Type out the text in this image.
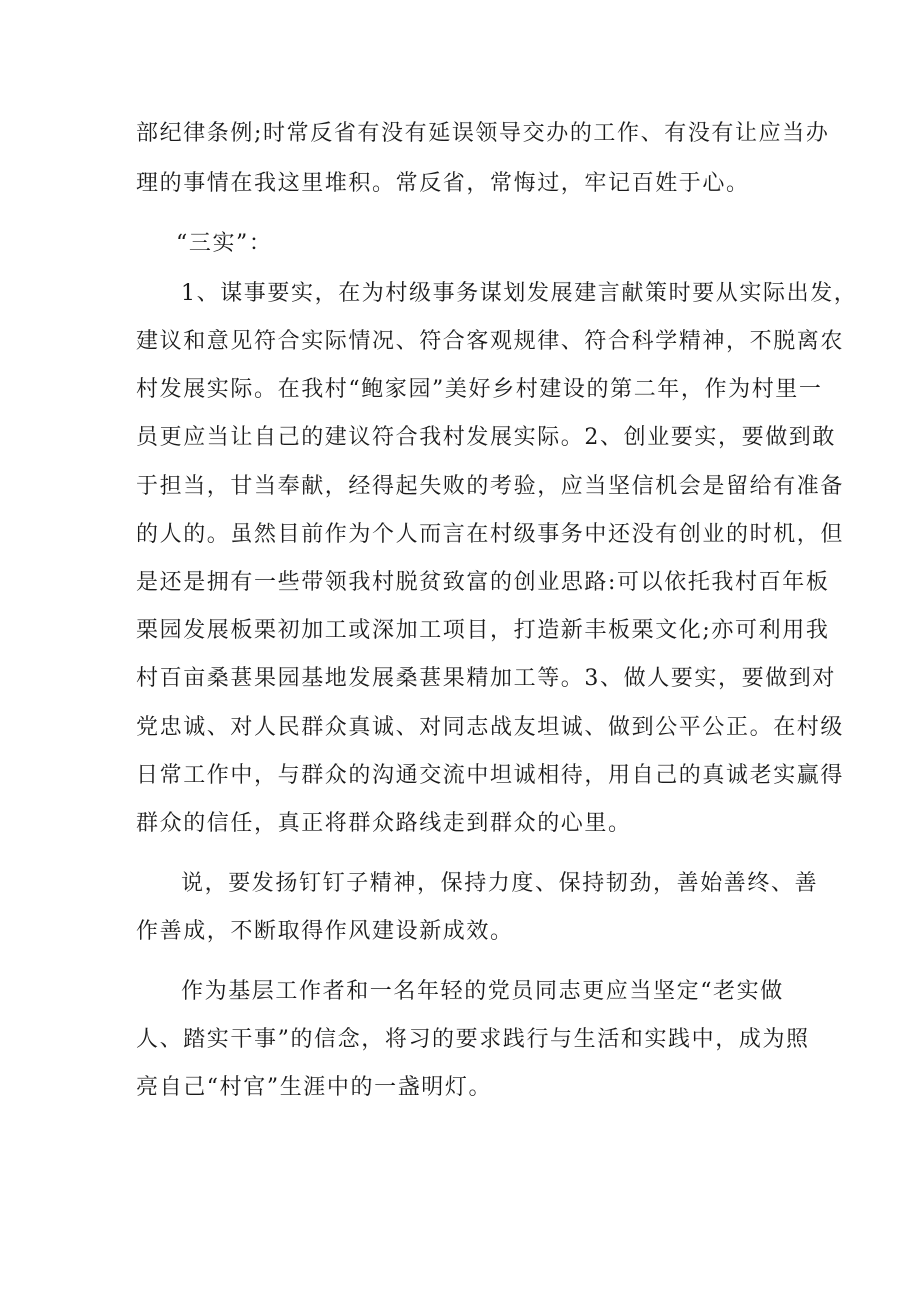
部纪律条例;时常反省有没有延误领导交办的工作、有没有让应当办

理的事情在我这里堆积。常反省，常悔过，牢记百姓于心。

“三实”：

1、谋事要实，在为村级事务谋划发展建言献策时要从实际出发，

建议和意见符合实际情况、符合客观规律、符合科学精神，不脱离农

村发展实际。在我村“鲍家园”美好乡村建设的第二年，作为村里一

员更应当让自己的建议符合我村发展实际。2、创业要实，要做到敢

于担当，甘当奉献，经得起失败的考验，应当坚信机会是留给有准备

的人的。虽然目前作为个人而言在村级事务中还没有创业的时机，但

是还是拥有一些带领我村脱贫致富的创业思路:可以依托我村百年板

栗园发展板栗初加工或深加工项目，打造新丰板栗文化;亦可利用我

村百亩桑葚果园基地发展桑葚果精加工等。3、做人要实，要做到对

党忠诚、对人民群众真诚、对同志战友坦诚、做到公平公正。在村级

日常工作中，与群众的沟通交流中坦诚相待，用自己的真诚老实赢得

群众的信任，真正将群众路线走到群众的心里。

说，要发扬钉钉子精神，保持力度、保持韧劲，善始善终、善

作善成，不断取得作风建设新成效。

作为基层工作者和一名年轻的党员同志更应当坚定“老实做

人、踏实干事”的信念，将习的要求践行与生活和实践中，成为照

亮自己“村官”生涯中的一盏明灯。
